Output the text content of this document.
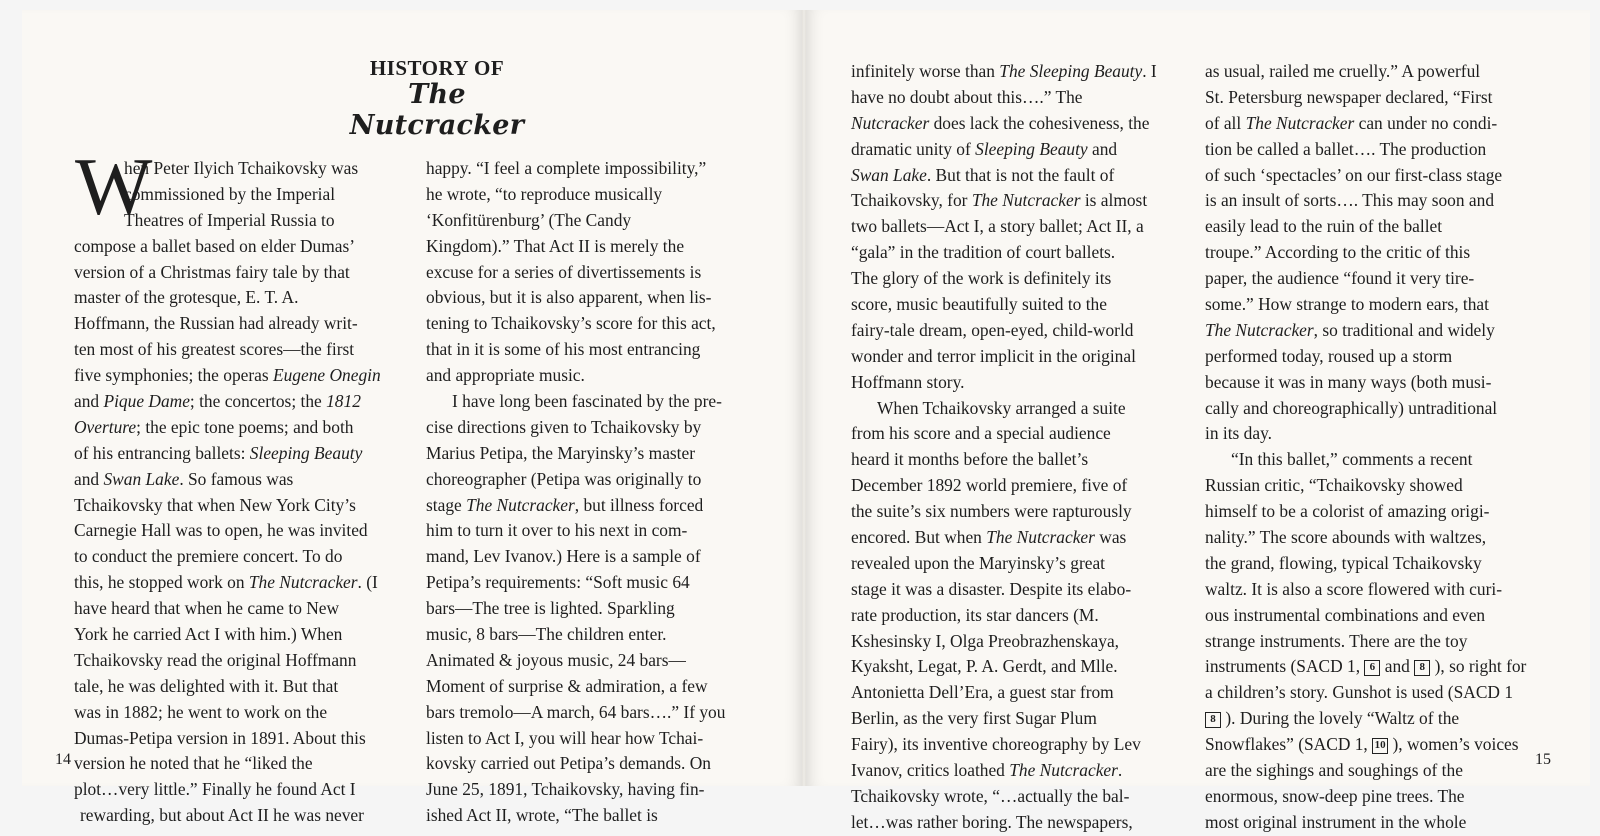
HISTORY OF
The Nutcracker
W
hen Peter Ilyich Tchaikovsky was
commissioned by the Imperial
Theatres of Imperial Russia to
compose a ballet based on elder Dumas’
version of a Christmas fairy tale by that
master of the grotesque, E. T. A.
Hoffmann, the Russian had already writ-
ten most of his greatest scores—the first
five symphonies; the operas Eugene Onegin
and Pique Dame; the concertos; the 1812
Overture; the epic tone poems; and both
of his entrancing ballets: Sleeping Beauty
and Swan Lake. So famous was
Tchaikovsky that when New York City’s
Carnegie Hall was to open, he was invited
to conduct the premiere concert. To do
this, he stopped work on The Nutcracker. (I
have heard that when he came to New
York he carried Act I with him.) When
Tchaikovsky read the original Hoffmann
tale, he was delighted with it. But that
was in 1882; he went to work on the
Dumas-Petipa version in 1891. About this
version he noted that he “liked the
plot…very little.” Finally he found Act I
rewarding, but about Act II he was never
happy. “I feel a complete impossibility,”
he wrote, “to reproduce musically
‘Konfitürenburg’ (The Candy
Kingdom).” That Act II is merely the
excuse for a series of divertissements is
obvious, but it is also apparent, when lis-
tening to Tchaikovsky’s score for this act,
that in it is some of his most entrancing
and appropriate music.
I have long been fascinated by the pre-
cise directions given to Tchaikovsky by
Marius Petipa, the Maryinsky’s master
choreographer (Petipa was originally to
stage The Nutcracker, but illness forced
him to turn it over to his next in com-
mand, Lev Ivanov.) Here is a sample of
Petipa’s requirements: “Soft music 64
bars—The tree is lighted. Sparkling
music, 8 bars—The children enter.
Animated & joyous music, 24 bars—
Moment of surprise & admiration, a few
bars tremolo—A march, 64 bars….” If you
listen to Act I, you will hear how Tchai-
kovsky carried out Petipa’s demands. On
June 25, 1891, Tchaikovsky, having fin-
ished Act II, wrote, “The ballet is
14
infinitely worse than The Sleeping Beauty. I
have no doubt about this….” The
Nutcracker does lack the cohesiveness, the
dramatic unity of Sleeping Beauty and
Swan Lake. But that is not the fault of
Tchaikovsky, for The Nutcracker is almost
two ballets—Act I, a story ballet; Act II, a
“gala” in the tradition of court ballets.
The glory of the work is definitely its
score, music beautifully suited to the
fairy-tale dream, open-eyed, child-world
wonder and terror implicit in the original
Hoffmann story.
When Tchaikovsky arranged a suite
from his score and a special audience
heard it months before the ballet’s
December 1892 world premiere, five of
the suite’s six numbers were rapturously
encored. But when The Nutcracker was
revealed upon the Maryinsky’s great
stage it was a disaster. Despite its elabo-
rate production, its star dancers (M.
Kshesinsky I, Olga Preobrazhenskaya,
Kyaksht, Legat, P. A. Gerdt, and Mlle.
Antonietta Dell’Era, a guest star from
Berlin, as the very first Sugar Plum
Fairy), its inventive choreography by Lev
Ivanov, critics loathed The Nutcracker.
Tchaikovsky wrote, “…actually the bal-
let…was rather boring. The newspapers,
as usual, railed me cruelly.” A powerful
St. Petersburg newspaper declared, “First
of all The Nutcracker can under no condi-
tion be called a ballet…. The production
of such ‘spectacles’ on our first-class stage
is an insult of sorts…. This may soon and
easily lead to the ruin of the ballet
troupe.” According to the critic of this
paper, the audience “found it very tire-
some.” How strange to modern ears, that
The Nutcracker, so traditional and widely
performed today, roused up a storm
because it was in many ways (both musi-
cally and choreographically) untraditional
in its day.
“In this ballet,” comments a recent
Russian critic, “Tchaikovsky showed
himself to be a colorist of amazing origi-
nality.” The score abounds with waltzes,
the grand, flowing, typical Tchaikovsky
waltz. It is also a score flowered with curi-
ous instrumental combinations and even
strange instruments. There are the toy
instruments (SACD 1, 6 and 8 ), so right for
a children’s story. Gunshot is used (SACD 1
8 ). During the lovely “Waltz of the
Snowflakes” (SACD 1, 10 ), women’s voices
are the sighings and soughings of the
enormous, snow-deep pine trees. The
most original instrument in the whole
15
